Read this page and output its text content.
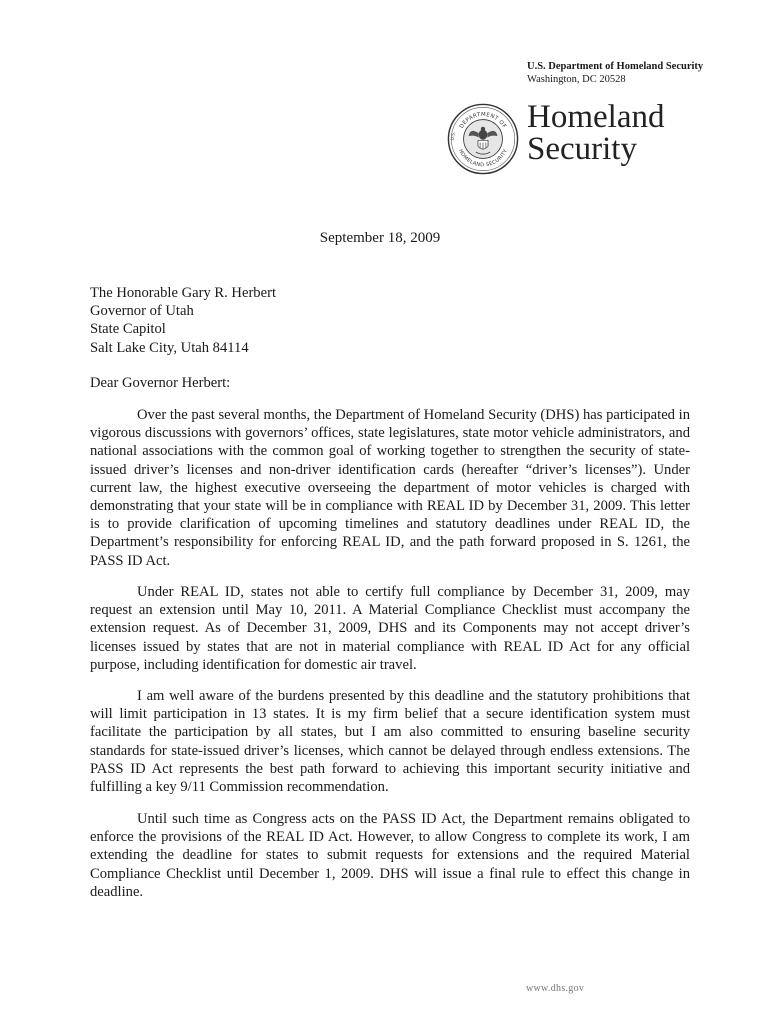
U.S. Department of Homeland Security
Washington, DC 20528
DEPARTMENT OF
HOMELAND SECURITY
U.S.
Homeland
Security
September 18, 2009
The Honorable Gary R. Herbert
Governor of Utah
State Capitol
Salt Lake City, Utah 84114
Dear Governor Herbert:

Over the past several months, the Department of Homeland Security (DHS) has participated in vigorous discussions with governors’ offices, state legislatures, state motor vehicle administrators, and national associations with the common goal of working together to strengthen the security of state-issued driver’s licenses and non-driver identification cards (hereafter “driver’s licenses”). Under current law, the highest executive overseeing the department of motor vehicles is charged with demonstrating that your state will be in compliance with REAL ID by December 31, 2009. This letter is to provide clarification of upcoming timelines and statutory deadlines under REAL ID, the Department’s responsibility for enforcing REAL ID, and the path forward proposed in S. 1261, the PASS ID Act.

Under REAL ID, states not able to certify full compliance by December 31, 2009, may request an extension until May 10, 2011. A Material Compliance Checklist must accompany the extension request. As of December 31, 2009, DHS and its Components may not accept driver’s licenses issued by states that are not in material compliance with REAL ID Act for any official purpose, including identification for domestic air travel.

I am well aware of the burdens presented by this deadline and the statutory prohibitions that will limit participation in 13 states. It is my firm belief that a secure identification system must facilitate the participation by all states, but I am also committed to ensuring baseline security standards for state-issued driver’s licenses, which cannot be delayed through endless extensions. The PASS ID Act represents the best path forward to achieving this important security initiative and fulfilling a key 9/11 Commission recommendation.

Until such time as Congress acts on the PASS ID Act, the Department remains obligated to enforce the provisions of the REAL ID Act. However, to allow Congress to complete its work, I am extending the deadline for states to submit requests for extensions and the required Material Compliance Checklist until December 1, 2009. DHS will issue a final rule to effect this change in deadline.

www.dhs.gov
